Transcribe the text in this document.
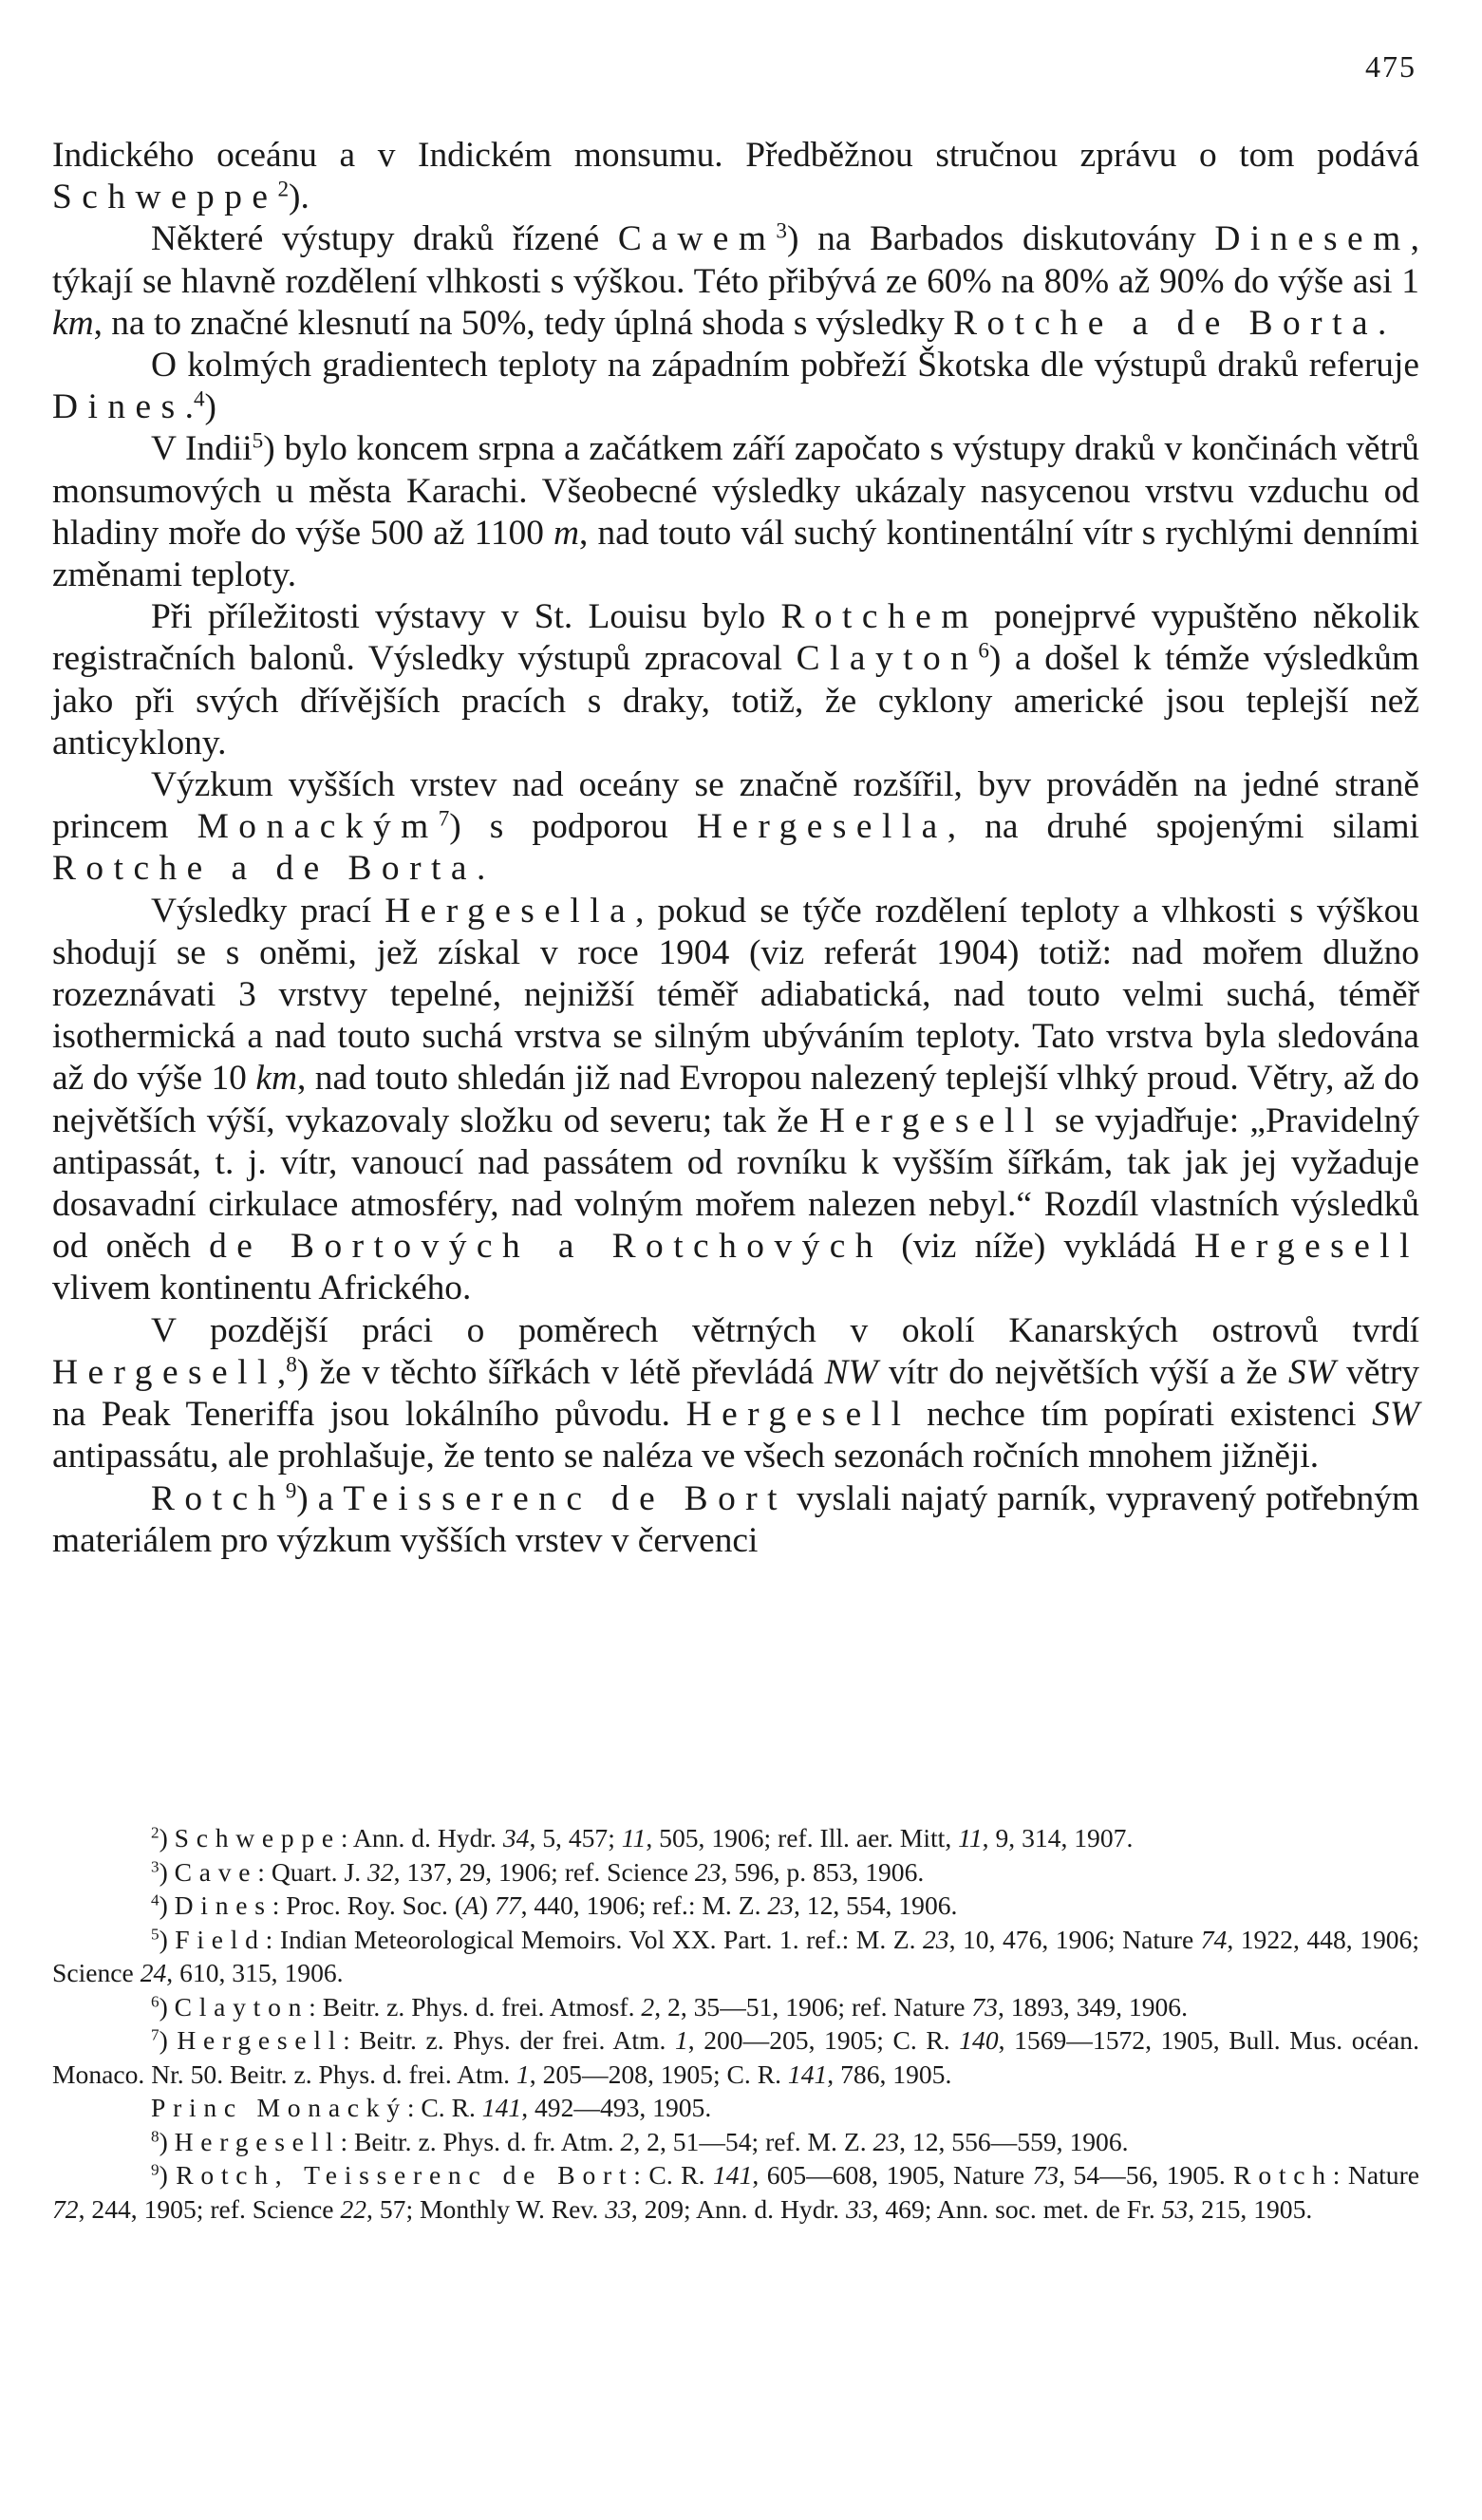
475

Indického oceánu a v Indickém monsumu. Předběžnou stručnou zprávu o tom podává Schweppe$^2$).

Některé výstupy draků řízené Cawem$^3$) na Barbados diskutovány Dinesem, týkají se hlavně rozdělení vlhkosti s výškou. Této přibývá ze 60% na 80% až 90% do výše asi 1 km, na to značné klesnutí na 50%, tedy úplná shoda s výsledky Rotche a de Borta.

O kolmých gradientech teploty na západním pobřeží Škotska dle výstupů draků referuje Dines.$^4$)

V Indii$^5$) bylo koncem srpna a začátkem září započato s výstupy draků v končinách větrů monsumových u města Karachi. Všeobecné výsledky ukázaly nasycenou vrstvu vzduchu od hladiny moře do výše 500 až 1100 m, nad touto vál suchý kontinentální vítr s rychlými denními změnami teploty.

Při příležitosti výstavy v St. Louisu bylo Rotchem ponejprvé vypuštěno několik registračních balonů. Výsledky výstupů zpracoval Clayton$^6$) a došel k témže výsledkům jako při svých dřívějších pracích s draky, totiž, že cyklony americké jsou teplejší než anticyklony.

Výzkum vyšších vrstev nad oceány se značně rozšířil, byv prováděn na jedné straně princem Monackým$^7$) s podporou Hergesella, na druhé spojenými silami Rotche a de Borta.

Výsledky prací Hergesella, pokud se týče rozdělení teploty a vlhkosti s výškou shodují se s oněmi, jež získal v roce 1904 (viz referát 1904) totiž: nad mořem dlužno rozeznávati 3 vrstvy tepelné, nejnižší téměř adiabatická, nad touto velmi suchá, téměř isothermická a nad touto suchá vrstva se silným ubýváním teploty. Tato vrstva byla sledována až do výše 10 km, nad touto shledán již nad Evropou nalezený teplejší vlhký proud. Větry, až do největších výší, vykazovaly složku od severu; tak že Hergesell se vyjadřuje: „Pravidelný antipassát, t. j. vítr, vanoucí nad passátem od rovníku k vyšším šířkám, tak jak jej vyžaduje dosavadní cirkulace atmosféry, nad volným mořem nalezen nebyl.“ Rozdíl vlastních výsledků od oněch de Bortových a Rotchových (viz níže) vykládá Hergesell vlivem kontinentu Afrického.

V pozdější práci o poměrech větrných v okolí Kanarských ostrovů tvrdí Hergesell,$^8$) že v těchto šířkách v létě převládá NW vítr do největších výší a že SW větry na Peak Teneriffa jsou lokálního původu. Hergesell nechce tím popírati existenci SW antipassátu, ale prohlašuje, že tento se naléza ve všech sezonách ročních mnohem jižněji.

Rotch$^9$) a Teisserenc de Bort vyslali najatý parník, vypravený potřebným materiálem pro výzkum vyšších vrstev v červenci

$^2$) Schweppe: Ann. d. Hydr. 34, 5, 457; 11, 505, 1906; ref. Ill. aer. Mitt, 11, 9, 314, 1907.

$^3$) Cave: Quart. J. 32, 137, 29, 1906; ref. Science 23, 596, p. 853, 1906.

$^4$) Dines: Proc. Roy. Soc. (A) 77, 440, 1906; ref.: M. Z. 23, 12, 554, 1906.

$^5$) Field: Indian Meteorological Memoirs. Vol XX. Part. 1. ref.: M. Z. 23, 10, 476, 1906; Nature 74, 1922, 448, 1906; Science 24, 610, 315, 1906.

$^6$) Clayton: Beitr. z. Phys. d. frei. Atmosf. 2, 2, 35—51, 1906; ref. Nature 73, 1893, 349, 1906.

$^7$) Hergesell: Beitr. z. Phys. der frei. Atm. 1, 200—205, 1905; C. R. 140, 1569—1572, 1905, Bull. Mus. océan. Monaco. Nr. 50. Beitr. z. Phys. d. frei. Atm. 1, 205—208, 1905; C. R. 141, 786, 1905.

Princ Monacký: C. R. 141, 492—493, 1905.

$^8$) Hergesell: Beitr. z. Phys. d. fr. Atm. 2, 2, 51—54; ref. M. Z. 23, 12, 556—559, 1906.

$^9$) Rotch, Teisserenc de Bort: C. R. 141, 605—608, 1905, Nature 73, 54—56, 1905. Rotch: Nature 72, 244, 1905; ref. Science 22, 57; Monthly W. Rev. 33, 209; Ann. d. Hydr. 33, 469; Ann. soc. met. de Fr. 53, 215, 1905.
